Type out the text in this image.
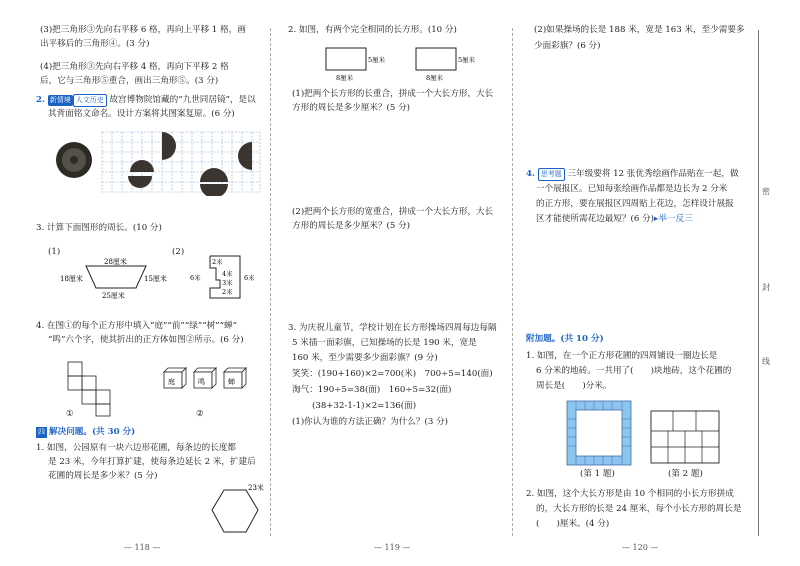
(3)把三角形③先向右平移 6 格，再向上平移 1 格，画
出平移后的三角形④。(3 分)
(4)把三角形③先向右平移 4 格，再向下平移 2 格
后，它与三角形⑤重合，画出三角形⑤。(3 分)
2. 新情境 人文历史 故宫博物院馆藏的“九世同居镜”，是以
其背面铭文命名。设计方案将其图案复原。(6 分)
3. 计算下面图形的周长。(10 分)
(1)	(2)
28厘米
18厘米	15厘米
25厘米
2米
4米
3米
2米
6米	6米
4. 在图①的每个正方形中填入“庭”“前”“绿”“树”“蝉”
“鸣”六个字，使其折出的正方体如图②所示。(6 分)
①
庭	鸣	蝉
②
四 解决问题。(共 30 分)
1. 如图，公园原有一块六边形花圃，每条边的长度都
是 23 米，今年打算扩建，使每条边延长 2 米，扩建后
花圃的周长是多少米？(5 分)
23米
— 118 —
2. 如图，有两个完全相同的长方形。(10 分)
5厘米
8厘米
5厘米
8厘米
(1)把两个长方形的长重合，拼成一个大长方形，大长
方形的周长是多少厘米？(5 分)
(2)把两个长方形的宽重合，拼成一个大长方形，大长
方形的周长是多少厘米？(5 分)
3. 为庆祝儿童节，学校计划在长方形操场四周每边每隔
5 米插一面彩旗，已知操场的长是 190 米，宽是
160 米，至少需要多少面彩旗？(9 分)
笑笑：(190+160)×2=700(米)　700÷5=140(面)
淘气：190÷5=38(面)　160÷5=32(面)
(38+32-1-1)×2=136(面)
(1)你认为谁的方法正确？为什么？(3 分)
— 119 —
(2)如果操场的长是 188 米，宽是 163 米，至少需要多
少面彩旗？(6 分)
4. 思考题 三年级要将 12 张优秀绘画作品贴在一起，做
一个展报区。已知每张绘画作品都是边长为 2 分米
的正方形，要在展报区四周贴上花边，怎样设计展报
区才能使所需花边最短？(6 分)▸举一反三
附加题。(共 10 分)
1. 如图，在一个正方形花圃的四周铺设一圈边长是
6 分米的地砖。一共用了(　　)块地砖，这个花圃的
周长是(　　)分米。
(第 1 题)	(第 2 题)
2. 如图，这个大长方形是由 10 个相同的小长方形拼成
的，大长方形的长是 24 厘米，每个小长方形的周长是
(　　)厘米。(4 分)
— 120 —
密
封
线
